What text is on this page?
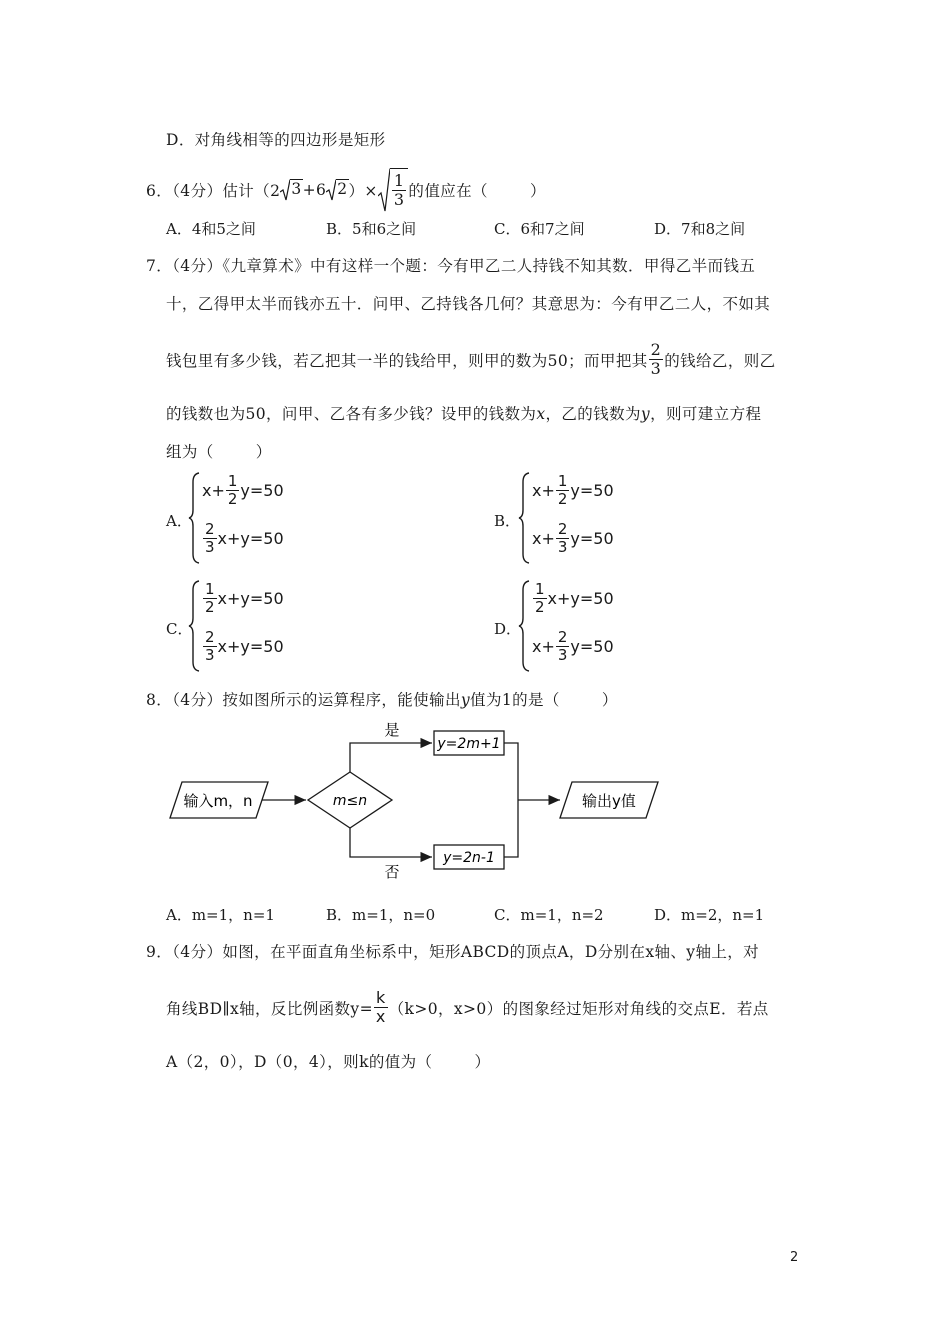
D．对角线相等的四边形是矩形
6．（4分）估计（2 3 +6 2 ）× $\frac{1}{3}$ 的值应在（	）
A．4和5之间	B．5和6之间	C．6和7之间	D．7和8之间
7．（4分）《九章算术》中有这样一个题：今有甲乙二人持钱不知其数．甲得乙半而钱五
十，乙得甲太半而钱亦五十．问甲、乙持钱各几何？其意思为：今有甲乙二人，不如其
钱包里有多少钱，若乙把其一半的钱给甲，则甲的数为50；而甲把其 $\frac{2}{3}$ 的钱给乙，则乙
的钱数也为50，问甲、乙各有多少钱？设甲的钱数为x，乙的钱数为y，则可建立方程
组为（	）
A．
$x+ \frac{1}{2} y=50$
$\frac{2}{3} x+y=50$
B．
$x+ \frac{1}{2} y=50$
$x+ \frac{2}{3} y=50$
C．
$\frac{1}{2} x+y=50$
$\frac{2}{3} x+y=50$
D．
$\frac{1}{2} x+y=50$
$x+ \frac{2}{3} y=50$
8．（4分）按如图所示的运算程序，能使输出y值为1的是（	）
输入m，n	m≤n
是
y=2m+1
否
y=2n-1
输出y值
A．m=1，n=1	B．m=1，n=0	C．m=1，n=2	D．m=2，n=1
9．（4分）如图，在平面直角坐标系中，矩形ABCD的顶点A，D分别在x轴、y轴上，对
角线BD∥x轴，反比例函数$y= \frac{k}{x} (k>0$，x>0）的图象经过矩形对角线的交点E．若点
A（2，0），D（0，4），则k的值为（	）
2
